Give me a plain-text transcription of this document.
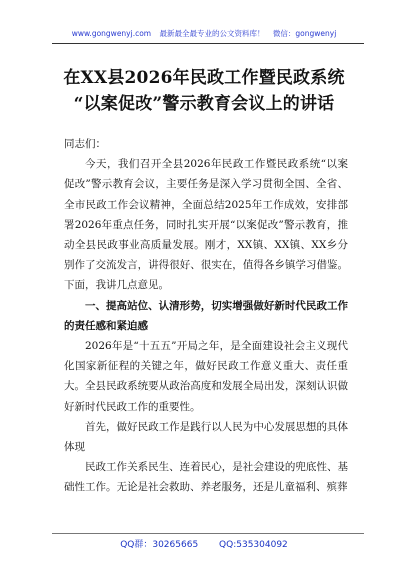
www.gongwenyj.com 最新最全最专业的公文资料库！ 微信：gongwenyj
在XX县2026年民政工作暨民政系统
“以案促改”警示教育会议上的讲话

同志们：

今天，我们召开全县2026年民政工作暨民政系统“以案促改”警示教育会议，主要任务是深入学习贯彻全国、全省、全市民政工作会议精神，全面总结2025年工作成效，安排部署2026年重点任务，同时扎实开展“以案促改”警示教育，推动全县民政事业高质量发展。刚才，XX镇、XX镇、XX乡分别作了交流发言，讲得很好、很实在，值得各乡镇学习借鉴。下面，我讲几点意见。

一、提高站位、认清形势，切实增强做好新时代民政工作的责任感和紧迫感

2026年是“十五五”开局之年，是全面建设社会主义现代化国家新征程的关键之年，做好民政工作意义重大、责任重大。全县民政系统要从政治高度和发展全局出发，深刻认识做好新时代民政工作的重要性。

首先，做好民政工作是践行以人民为中心发展思想的具体体现

民政工作关系民生、连着民心，是社会建设的兜底性、基础性工作。无论是社会救助、养老服务，还是儿童福利、殡葬

QQ群：30265665 QQ:535304092
